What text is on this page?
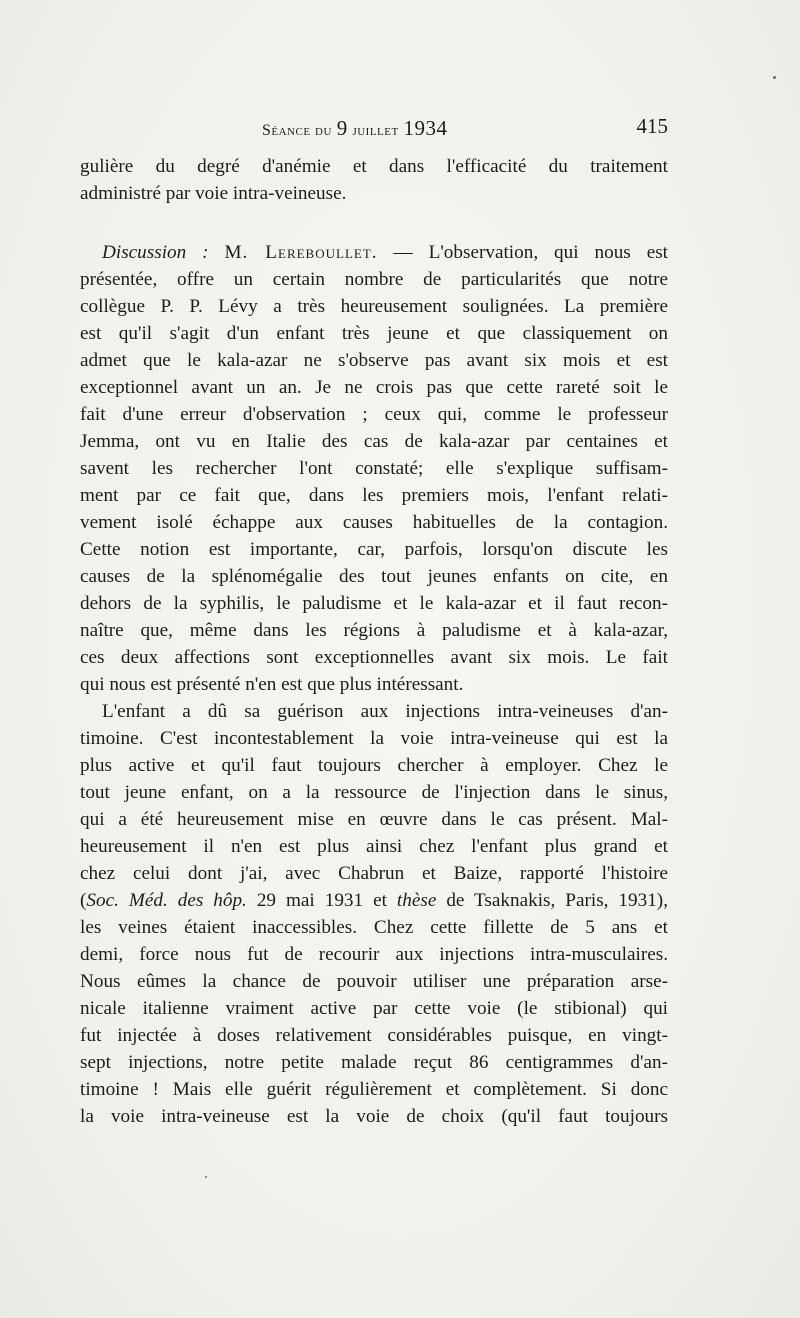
Séance du 9 juillet 1934	415
gulière du degré d'anémie et dans l'efficacité du traitement
administré par voie intra-veineuse.
Discussion : M. Lereboullet. — L'observation, qui nous est
présentée, offre un certain nombre de particularités que notre
collègue P. P. Lévy a très heureusement soulignées. La première
est qu'il s'agit d'un enfant très jeune et que classiquement on
admet que le kala-azar ne s'observe pas avant six mois et est
exceptionnel avant un an. Je ne crois pas que cette rareté soit le
fait d'une erreur d'observation ; ceux qui, comme le professeur
Jemma, ont vu en Italie des cas de kala-azar par centaines et
savent les rechercher l'ont constaté; elle s'explique suffisam-
ment par ce fait que, dans les premiers mois, l'enfant relati-
vement isolé échappe aux causes habituelles de la contagion.
Cette notion est importante, car, parfois, lorsqu'on discute les
causes de la splénomégalie des tout jeunes enfants on cite, en
dehors de la syphilis, le paludisme et le kala-azar et il faut recon-
naître que, même dans les régions à paludisme et à kala-azar,
ces deux affections sont exceptionnelles avant six mois. Le fait
qui nous est présenté n'en est que plus intéressant.
L'enfant a dû sa guérison aux injections intra-veineuses d'an-
timoine. C'est incontestablement la voie intra-veineuse qui est la
plus active et qu'il faut toujours chercher à employer. Chez le
tout jeune enfant, on a la ressource de l'injection dans le sinus,
qui a été heureusement mise en œuvre dans le cas présent. Mal-
heureusement il n'en est plus ainsi chez l'enfant plus grand et
chez celui dont j'ai, avec Chabrun et Baize, rapporté l'histoire
(Soc. Méd. des hôp. 29 mai 1931 et thèse de Tsaknakis, Paris, 1931),
les veines étaient inaccessibles. Chez cette fillette de 5 ans et
demi, force nous fut de recourir aux injections intra-musculaires.
Nous eûmes la chance de pouvoir utiliser une préparation arse-
nicale italienne vraiment active par cette voie (le stibional) qui
fut injectée à doses relativement considérables puisque, en vingt-
sept injections, notre petite malade reçut 86 centigrammes d'an-
timoine ! Mais elle guérit régulièrement et complètement. Si donc
la voie intra-veineuse est la voie de choix (qu'il faut toujours
